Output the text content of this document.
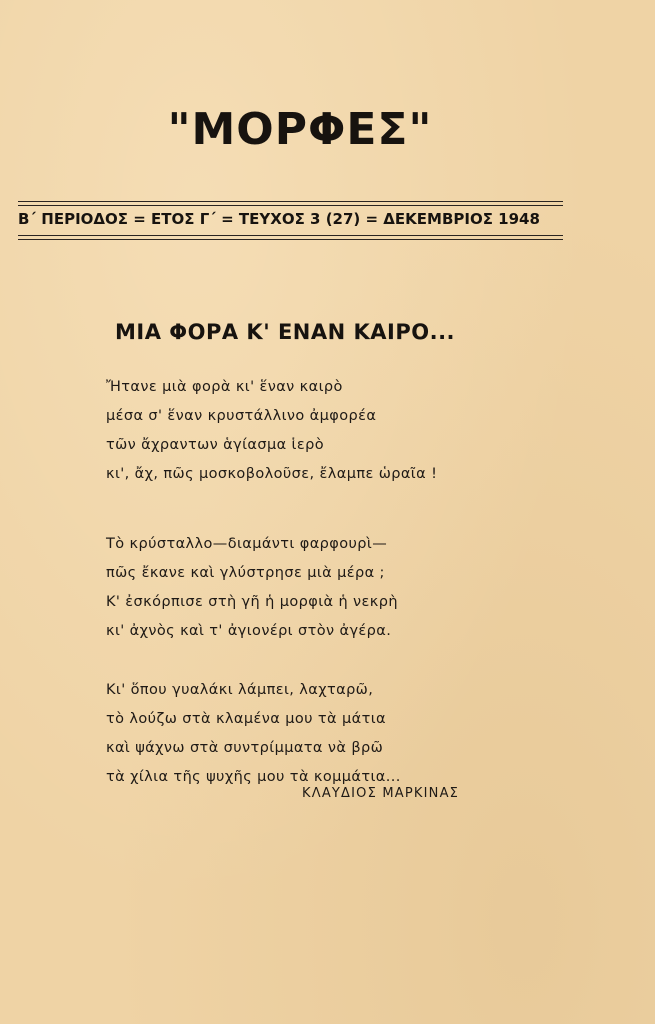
"ΜΟΡΦΕΣ"
Β΄ ΠΕΡΙΟΔΟΣ = ΕΤΟΣ Γ΄ = ΤΕΥΧΟΣ 3 (27) = ΔΕΚΕΜΒΡΙΟΣ 1948
ΜΙΑ ΦΟΡΑ Κ' ΕΝΑΝ ΚΑΙΡΟ...
Ἤτανε μιὰ φορὰ κι' ἕναν καιρὸ
μέσα σ' ἕναν κρυστάλλινο ἀμφορέα
τῶν ἄχραντων ἁγίασμα ἱερὸ
κι', ἄχ, πῶς μοσκοβολοῦσε, ἔλαμπε ὡραῖα !
Τὸ κρύσταλλο—διαμάντι φαρφουρὶ—
πῶς ἔκανε καὶ γλύστρησε μιὰ μέρα ;
Κ' ἐσκόρπισε στὴ γῆ ἡ μορφιὰ ἡ νεκρὴ
κι' ἀχνὸς καὶ τ' ἀγιονέρι στὸν ἀγέρα.
Κι' ὅπου γυαλάκι λάμπει, λαχταρῶ,
τὸ λούζω στὰ κλαμένα μου τὰ μάτια
καὶ ψάχνω στὰ συντρίμματα νὰ βρῶ
τὰ χίλια τῆς ψυχῆς μου τὰ κομμάτια...
ΚΛΑΥΔΙΟΣ ΜΑΡΚΙΝΑΣ
